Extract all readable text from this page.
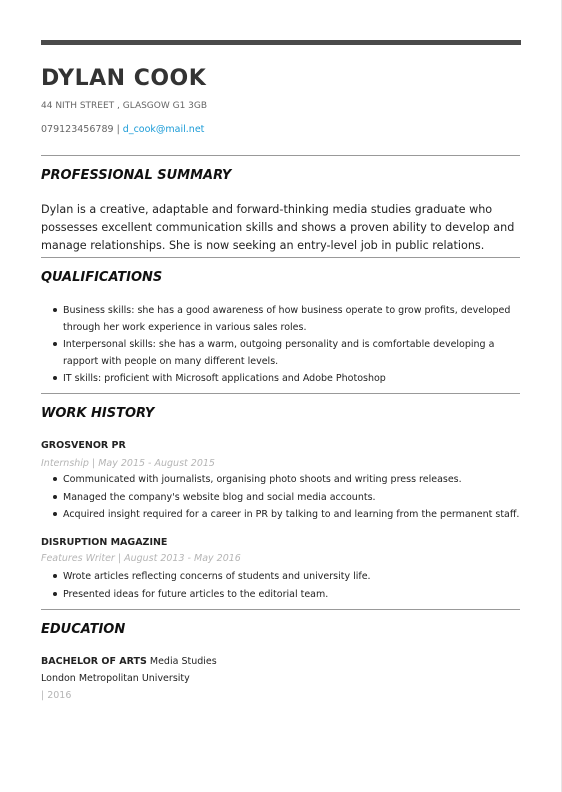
DYLAN COOK
44 NITH STREET , GLASGOW G1 3GB
079123456789 | d_cook@mail.net
PROFESSIONAL SUMMARY
Dylan is a creative, adaptable and forward-thinking media studies graduate who possesses excellent communication skills and shows a proven ability to develop and manage relationships. She is now seeking an entry-level job in public relations.
QUALIFICATIONS
Business skills: she has a good awareness of how business operate to grow profits, developed through her work experience in various sales roles.
Interpersonal skills: she has a warm, outgoing personality and is comfortable developing a rapport with people on many different levels.
IT skills: proficient with Microsoft applications and Adobe Photoshop
WORK HISTORY
GROSVENOR PR
Internship | May 2015 - August 2015
Communicated with journalists, organising photo shoots and writing press releases.
Managed the company's website blog and social media accounts.
Acquired insight required for a career in PR by talking to and learning from the permanent staff.
DISRUPTION MAGAZINE
Features Writer | August 2013 - May 2016
Wrote articles reflecting concerns of students and university life.
Presented ideas for future articles to the editorial team.
EDUCATION
BACHELOR OF ARTS Media Studies
London Metropolitan University
| 2016
